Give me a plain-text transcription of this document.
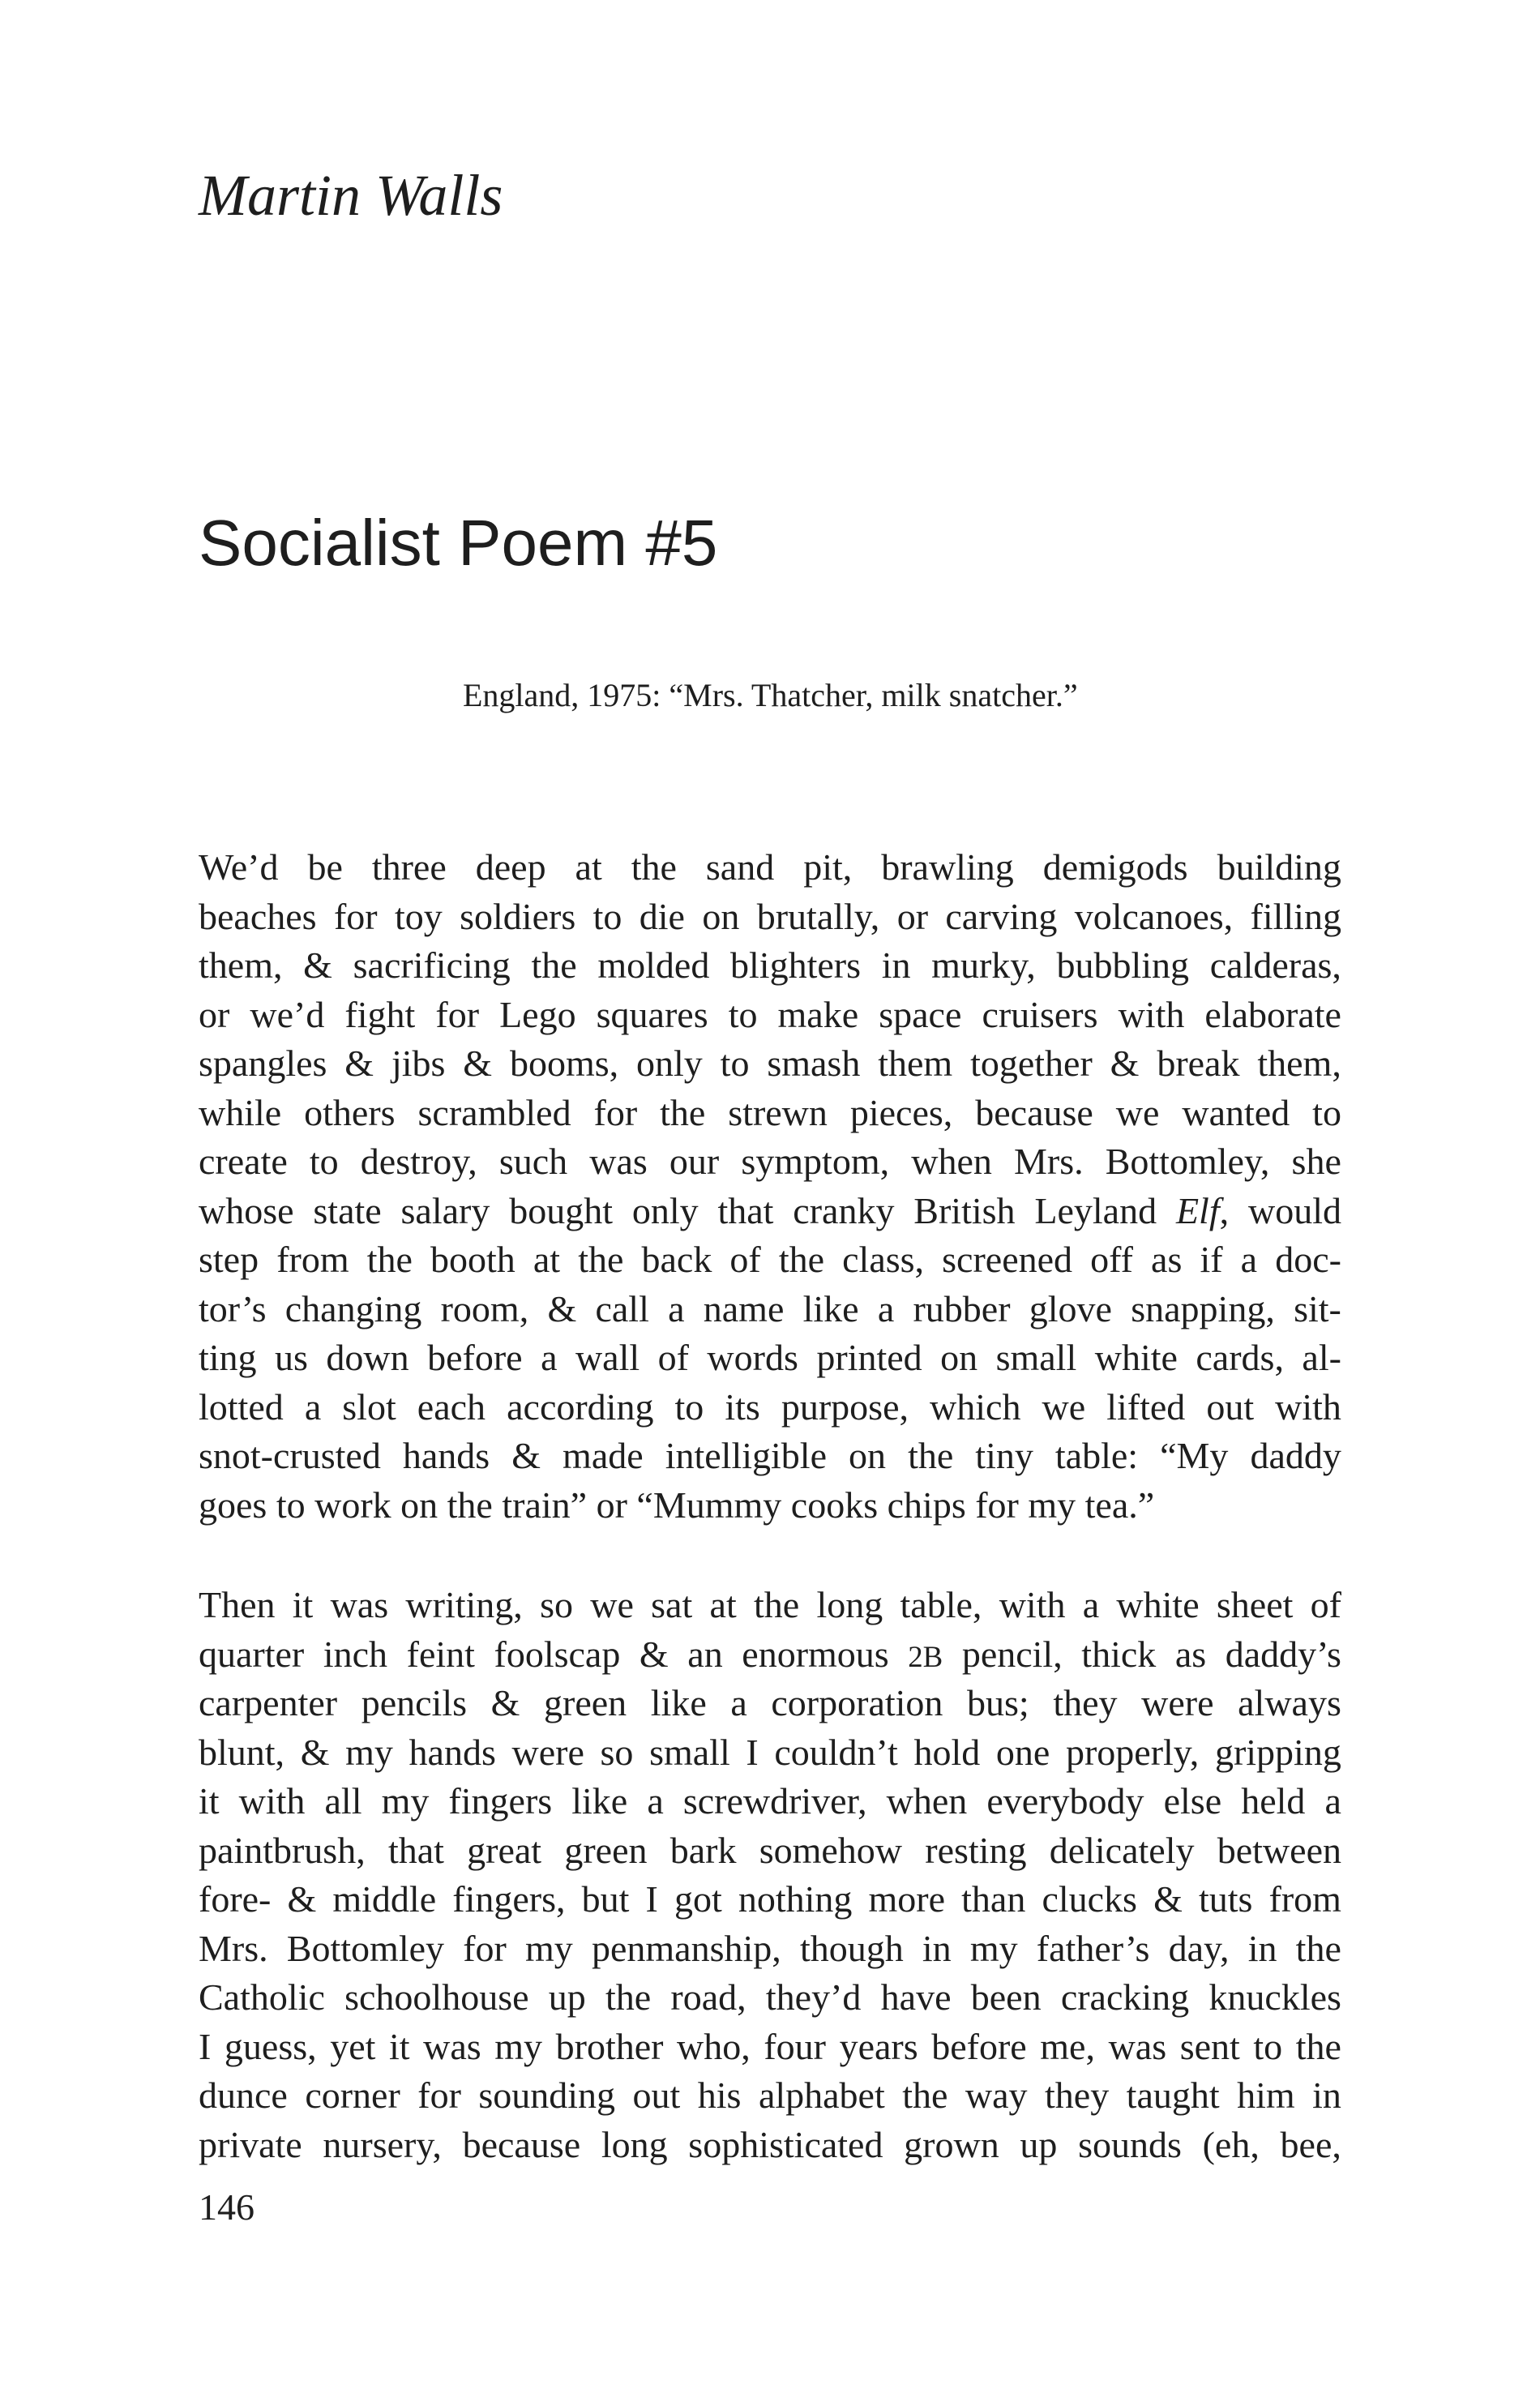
Martin Walls
Socialist Poem #5

England, 1975: “Mrs. Thatcher, milk snatcher.”

We’d be three deep at the sand pit, brawling demigods building
beaches for toy soldiers to die on brutally, or carving volcanoes, filling
them, & sacrificing the molded blighters in murky, bubbling calderas,
or we’d fight for Lego squares to make space cruisers with elaborate
spangles & jibs & booms, only to smash them together & break them,
while others scrambled for the strewn pieces, because we wanted to
create to destroy, such was our symptom, when Mrs. Bottomley, she
whose state salary bought only that cranky British Leyland Elf, would
step from the booth at the back of the class, screened off as if a doc-
tor’s changing room, & call a name like a rubber glove snapping, sit-
ting us down before a wall of words printed on small white cards, al-
lotted a slot each according to its purpose, which we lifted out with
snot-crusted hands & made intelligible on the tiny table: “My daddy
goes to work on the train” or “Mummy cooks chips for my tea.”
Then it was writing, so we sat at the long table, with a white sheet of
quarter inch feint foolscap & an enormous 2B pencil, thick as daddy’s
carpenter pencils & green like a corporation bus; they were always
blunt, & my hands were so small I couldn’t hold one properly, gripping
it with all my fingers like a screwdriver, when everybody else held a
paintbrush, that great green bark somehow resting delicately between
fore- & middle fingers, but I got nothing more than clucks & tuts from
Mrs. Bottomley for my penmanship, though in my father’s day, in the
Catholic schoolhouse up the road, they’d have been cracking knuckles
I guess, yet it was my brother who, four years before me, was sent to the
dunce corner for sounding out his alphabet the way they taught him in
private nursery, because long sophisticated grown up sounds (eh, bee,

146
